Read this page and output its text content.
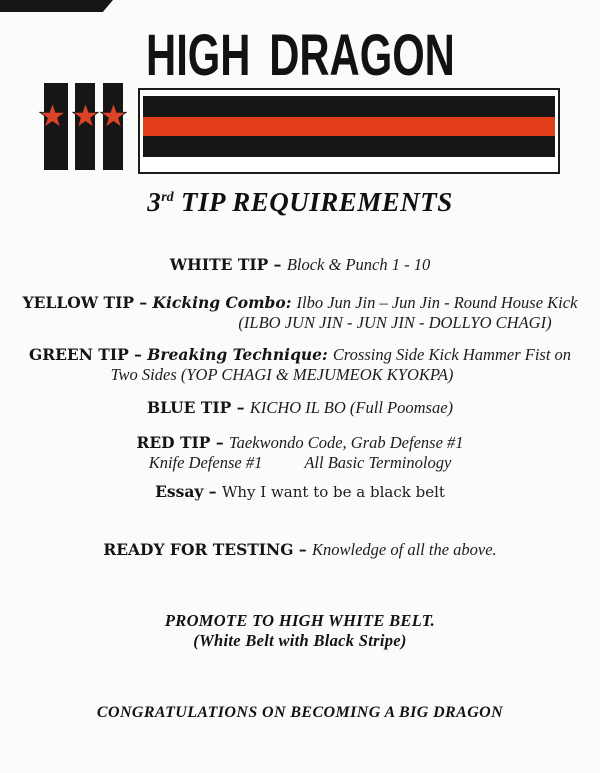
HIGH DRAGON
3rd TIP REQUIREMENTS
WHITE TIP – Block & Punch 1 - 10
YELLOW TIP – Kicking Combo: Ilbo Jun Jin – Jun Jin - Round House Kick
(ILBO JUN JIN - JUN JIN - DOLLYO CHAGI)
GREEN TIP – Breaking Technique: Crossing Side Kick Hammer Fist on
Two Sides (YOP CHAGI & MEJUMEOK KYOKPA)
BLUE TIP – KICHO IL BO (Full Poomsae)
RED TIP – Taekwondo Code, Grab Defense #1
Knife Defense #1	All Basic Terminology
Essay – Why I want to be a black belt
READY FOR TESTING – Knowledge of all the above.
PROMOTE TO HIGH WHITE BELT.
(White Belt with Black Stripe)
CONGRATULATIONS ON BECOMING A BIG DRAGON
